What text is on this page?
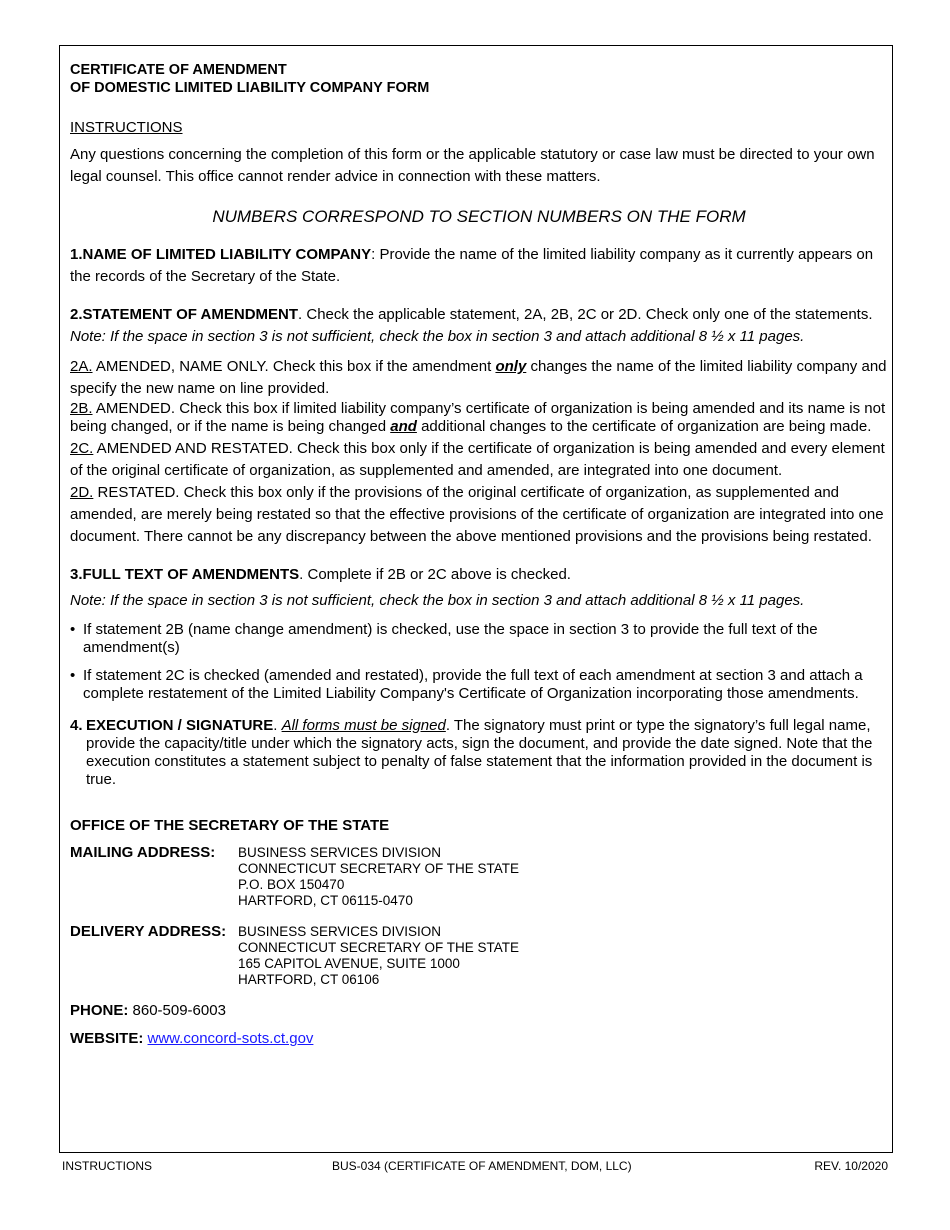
CERTIFICATE OF AMENDMENT

OF DOMESTIC LIMITED LIABILITY COMPANY FORM

INSTRUCTIONS

Any questions concerning the completion of this form or the applicable statutory or case law must be directed to your own legal counsel. This office cannot render advice in connection with these matters.

NUMBERS CORRESPOND TO SECTION NUMBERS ON THE FORM

1.NAME OF LIMITED LIABILITY COMPANY: Provide the name of the limited liability company as it currently appears on the records of the Secretary of the State.

2.STATEMENT OF AMENDMENT. Check the applicable statement, 2A, 2B, 2C or 2D. Check only one of the statements.

Note: If the space in section 3 is not sufficient, check the box in section 3 and attach additional 8 ½ x 11 pages.

2A. AMENDED, NAME ONLY. Check this box if the amendment only changes the name of the limited liability company and specify the new name on line provided.

2B. AMENDED. Check this box if limited liability company’s certificate of organization is being amended and its name is not being changed, or if the name is being changed and additional changes to the certificate of organization are being made.

2C. AMENDED AND RESTATED. Check this box only if the certificate of organization is being amended and every element of the original certificate of organization, as supplemented and amended, are integrated into one document.

2D. RESTATED. Check this box only if the provisions of the original certificate of organization, as supplemented and amended, are merely being restated so that the effective provisions of the certificate of organization are integrated into one document. There cannot be any discrepancy between the above mentioned provisions and the provisions being restated.

3.FULL TEXT OF AMENDMENTS. Complete if 2B or 2C above is checked.

Note: If the space in section 3 is not sufficient, check the box in section 3 and attach additional 8 ½ x 11 pages.
• If statement 2B (name change amendment) is checked, use the space in section 3 to provide the full text of the amendment(s)
• If statement 2C is checked (amended and restated), provide the full text of each amendment at section 3 and attach a complete restatement of the Limited Liability Company's Certificate of Organization incorporating those amendments.
4. EXECUTION / SIGNATURE. All forms must be signed. The signatory must print or type the signatory’s full legal name, provide the capacity/title under which the signatory acts, sign the document, and provide the date signed. Note that the execution constitutes a statement subject to penalty of false statement that the information provided in the document is true.
OFFICE OF THE SECRETARY OF THE STATE
MAILING ADDRESS:	BUSINESS SERVICES DIVISION
CONNECTICUT SECRETARY OF THE STATE
P.O. BOX 150470
HARTFORD, CT 06115-0470
DELIVERY ADDRESS: BUSINESS SERVICES DIVISION
CONNECTICUT SECRETARY OF THE STATE
165 CAPITOL AVENUE, SUITE 1000
HARTFORD, CT 06106
PHONE: 860-509-6003
WEBSITE: www.concord-sots.ct.gov
INSTRUCTIONS	BUS-034 (CERTIFICATE OF AMENDMENT, DOM, LLC)	REV. 10/2020
